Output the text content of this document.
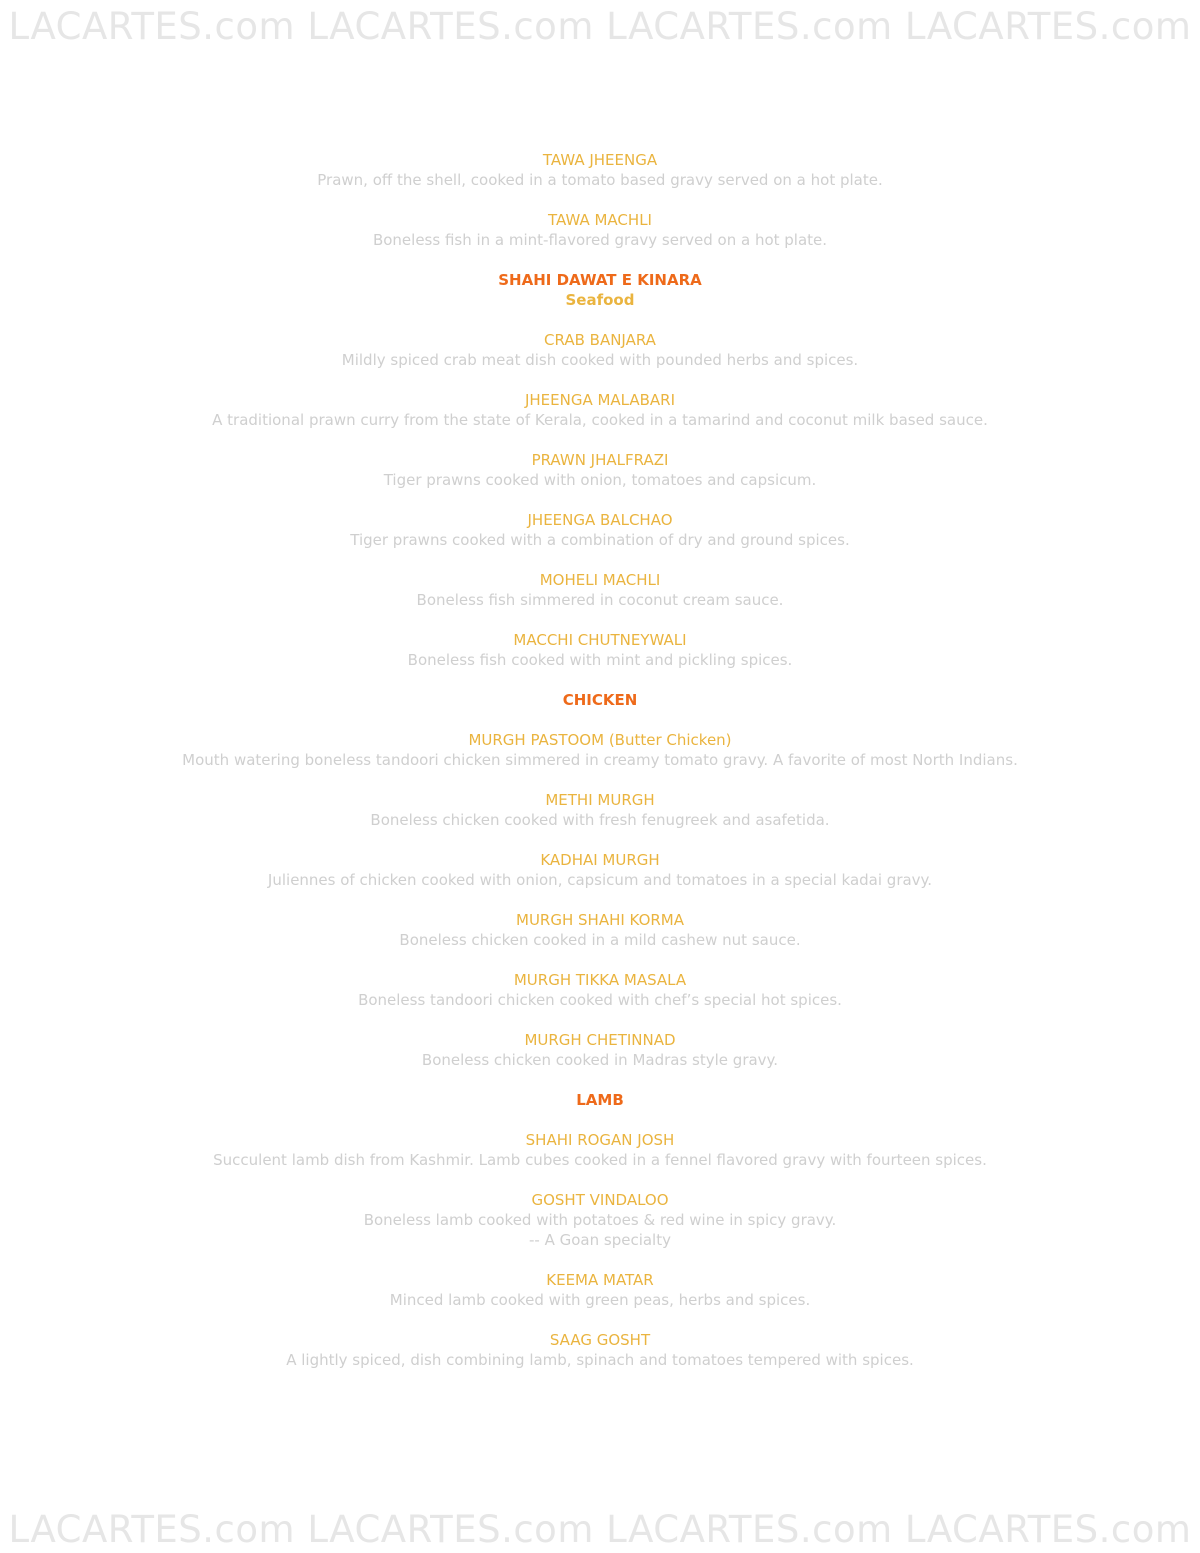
LACARTES.com LACARTES.com LACARTES.com LACARTES.com
LACARTES.com LACARTES.com LACARTES.com LACARTES.com
TAWA JHEENGA
Prawn, off the shell, cooked in a tomato based gravy served on a hot plate.
TAWA MACHLI
Boneless fish in a mint-flavored gravy served on a hot plate.
SHAHI DAWAT E KINARA
Seafood
CRAB BANJARA
Mildly spiced crab meat dish cooked with pounded herbs and spices.
JHEENGA MALABARI
A traditional prawn curry from the state of Kerala, cooked in a tamarind and coconut milk based sauce.
PRAWN JHALFRAZI
Tiger prawns cooked with onion, tomatoes and capsicum.
JHEENGA BALCHAO
Tiger prawns cooked with a combination of dry and ground spices.
MOHELI MACHLI
Boneless fish simmered in coconut cream sauce.
MACCHI CHUTNEYWALI
Boneless fish cooked with mint and pickling spices.
CHICKEN
MURGH PASTOOM (Butter Chicken)
Mouth watering boneless tandoori chicken simmered in creamy tomato gravy. A favorite of most North Indians.
METHI MURGH
Boneless chicken cooked with fresh fenugreek and asafetida.
KADHAI MURGH
Juliennes of chicken cooked with onion, capsicum and tomatoes in a special kadai gravy.
MURGH SHAHI KORMA
Boneless chicken cooked in a mild cashew nut sauce.
MURGH TIKKA MASALA
Boneless tandoori chicken cooked with chef’s special hot spices.
MURGH CHETINNAD
Boneless chicken cooked in Madras style gravy.
LAMB
SHAHI ROGAN JOSH
Succulent lamb dish from Kashmir. Lamb cubes cooked in a fennel flavored gravy with fourteen spices.
GOSHT VINDALOO
Boneless lamb cooked with potatoes & red wine in spicy gravy.
-- A Goan specialty
KEEMA MATAR
Minced lamb cooked with green peas, herbs and spices.
SAAG GOSHT
A lightly spiced, dish combining lamb, spinach and tomatoes tempered with spices.
